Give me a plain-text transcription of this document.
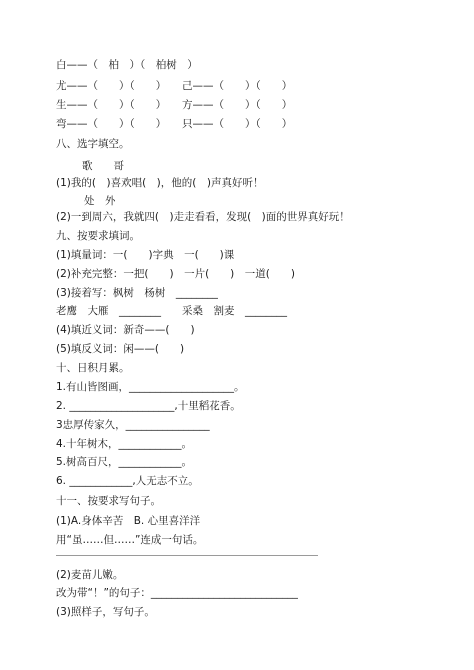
白——（　柏　）（　柏树　）
尤——（　　）（　　）　　己——（　　）（　　）
生——（　　）（　　）　　方——（　　）（　　）
弯——（　　）（　　）　　只——（　　）（　　）
八、选字填空。
歌　　哥
(1)我的(　)喜欢唱(　)，他的(　)声真好听！
处　外
(2)一到周六，我就四(　)走走看看，发现(　)面的世界真好玩！
九、按要求填词。
(1)填量词：一(　　)字典　一(　　)课
(2)补充完整：一把(　　)　一片(　　)　一道(　　)
(3)接着写：枫树　杨树　________
老鹰　大雁　________　　采桑　割麦　________
(4)填近义词：新奇——(　　)
(5)填反义词：闲——(　　)
十、日积月累。
1.有山皆图画，____________________。
2. ____________________,十里稻花香。
3忠厚传家久，________________
4.十年树木，____________。
5.树高百尺，____________。
6. ____________,人无志不立。
十一、按要求写句子。
(1)A.身体辛苦　B. 心里喜洋洋
用“虽……但……”连成一句话。
(2)麦苗儿嫩。
改为带“！”的句子：____________________________
(3)照样子，写句子。
